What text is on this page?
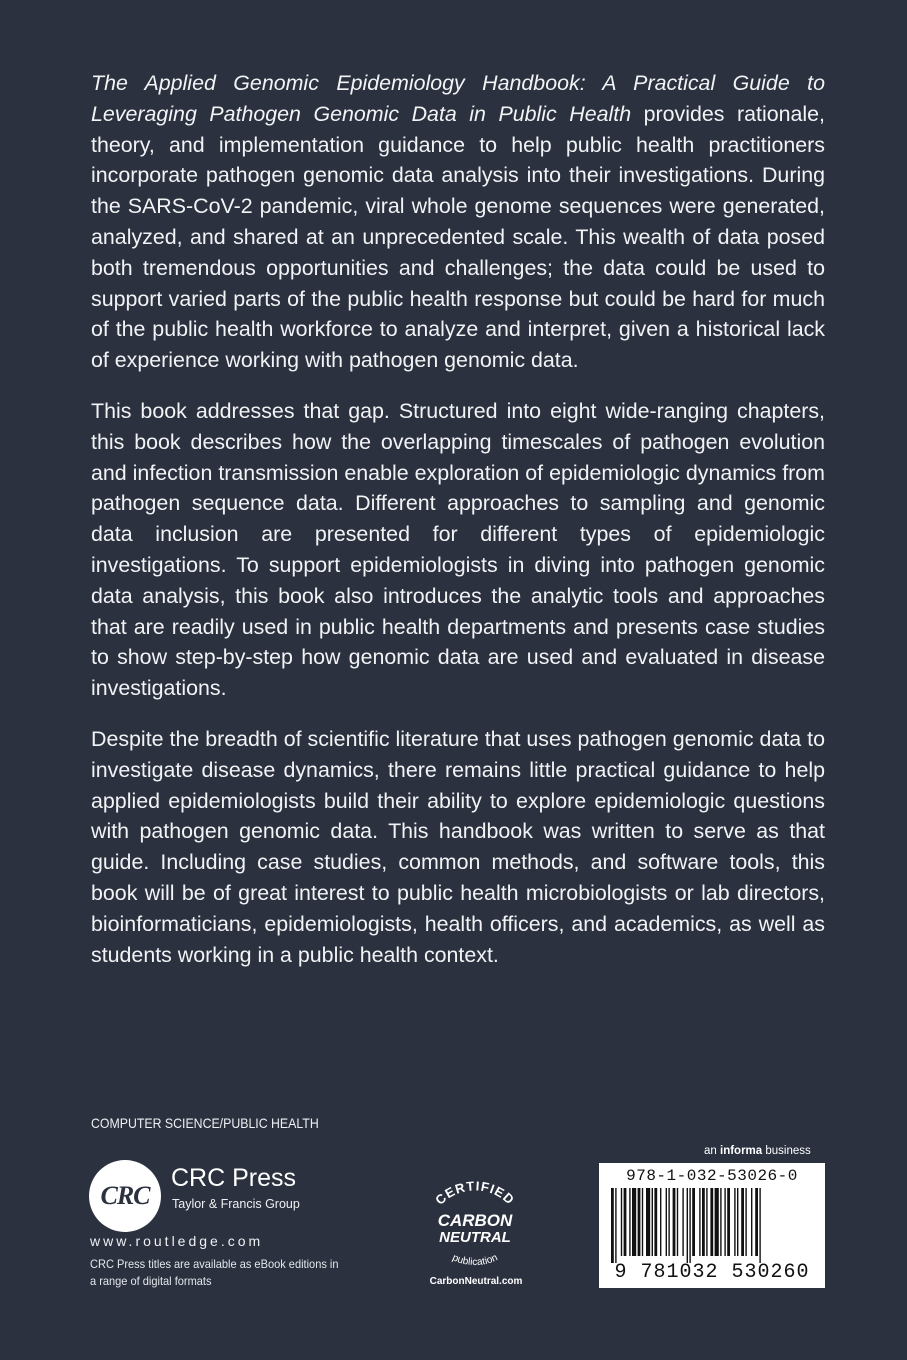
The Applied Genomic Epidemiology Handbook: A Practical Guide to Leveraging Pathogen Genomic Data in Public Health provides rationale, theory, and implementation guidance to help public health practitioners incorporate pathogen genomic data analysis into their investigations. During the SARS-CoV-2 pandemic, viral whole genome sequences were generated, analyzed, and shared at an unprecedented scale. This wealth of data posed both tremendous opportunities and challenges; the data could be used to support varied parts of the public health response but could be hard for much of the public health workforce to analyze and interpret, given a historical lack of experience working with pathogen genomic data.

This book addresses that gap. Structured into eight wide-ranging chapters, this book describes how the overlapping timescales of pathogen evolution and infection transmission enable exploration of epidemiologic dynamics from pathogen sequence data. Different approaches to sampling and genomic data inclusion are presented for different types of epidemiologic investigations. To support epidemiologists in diving into pathogen genomic data analysis, this book also introduces the analytic tools and approaches that are readily used in public health departments and presents case studies to show step-by-step how genomic data are used and evaluated in disease investigations.

Despite the breadth of scientific literature that uses pathogen genomic data to investigate disease dynamics, there remains little practical guidance to help applied epidemiologists build their ability to explore epidemiologic questions with pathogen genomic data. This handbook was written to serve as that guide. Including case studies, common methods, and software tools, this book will be of great interest to public health microbiologists or lab directors, bioinformaticians, epidemiologists, health officers, and academics, as well as students working in a public health context.

COMPUTER SCIENCE/PUBLIC HEALTH
CRC
CRC Press
Taylor & Francis Group
www.routledge.com
CRC Press titles are available as eBook editions in a range of digital formats
CERTIFIED
CARBON
NEUTRAL
publication
CarbonNeutral.com
an informa business
978-1-032-53026-0
9 781032 530260
